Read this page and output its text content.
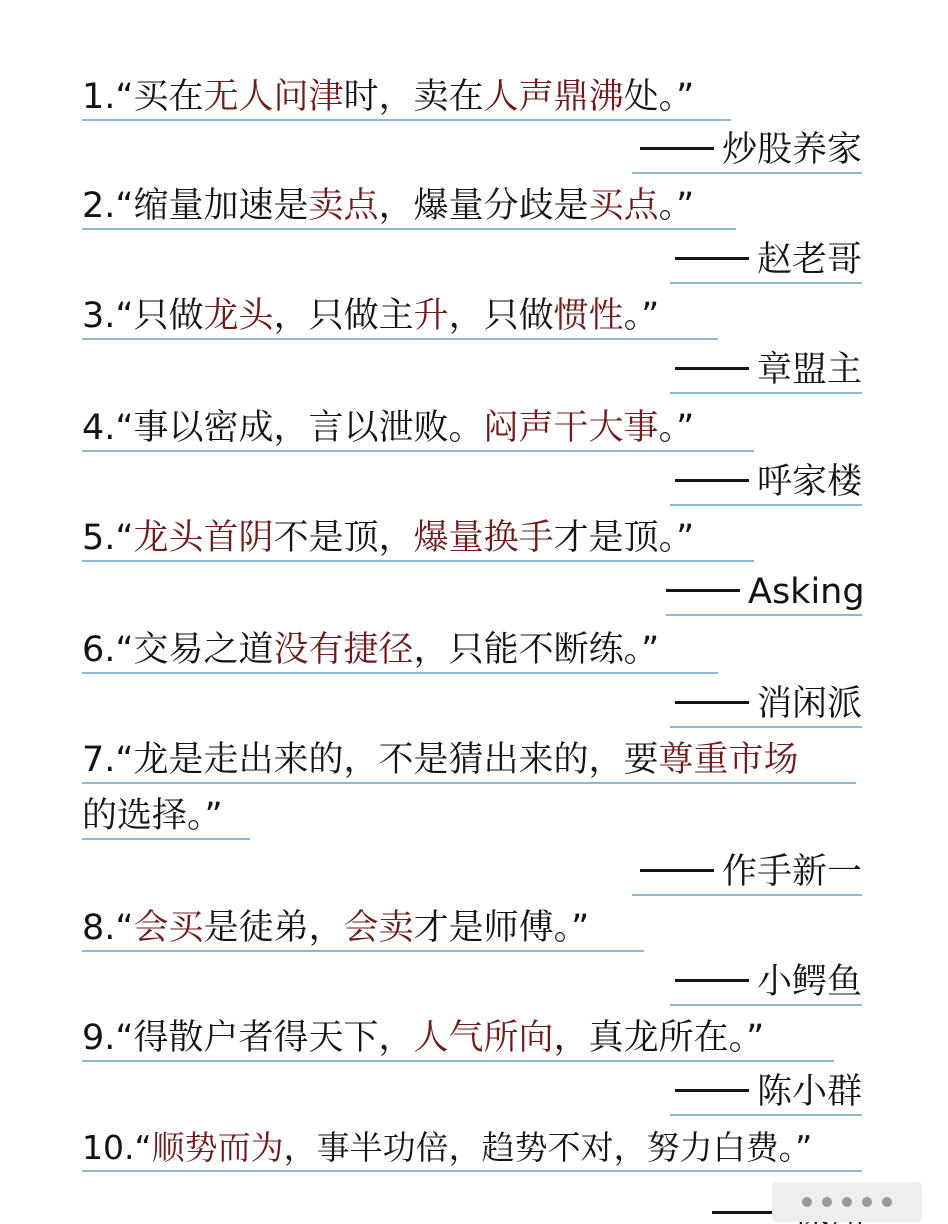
1.“买在无人问津时，卖在人声鼎沸处。”
炒股养家
2.“缩量加速是卖点，爆量分歧是买点。”
赵老哥
3.“只做龙头，只做主升，只做惯性。”
章盟主
4.“事以密成，言以泄败。闷声干大事。”
呼家楼
5.“龙头首阴不是顶，爆量换手才是顶。”
Asking
6.“交易之道没有捷径，只能不断练。”
消闲派
7.“龙是走出来的，不是猜出来的，要尊重市场
的选择。”
作手新一
8.“会买是徒弟，会卖才是师傅。”
小鳄鱼
9.“得散户者得天下，人气所向，真龙所在。”
陈小群
10.“顺势而为，事半功倍，趋势不对，努力白费。”
